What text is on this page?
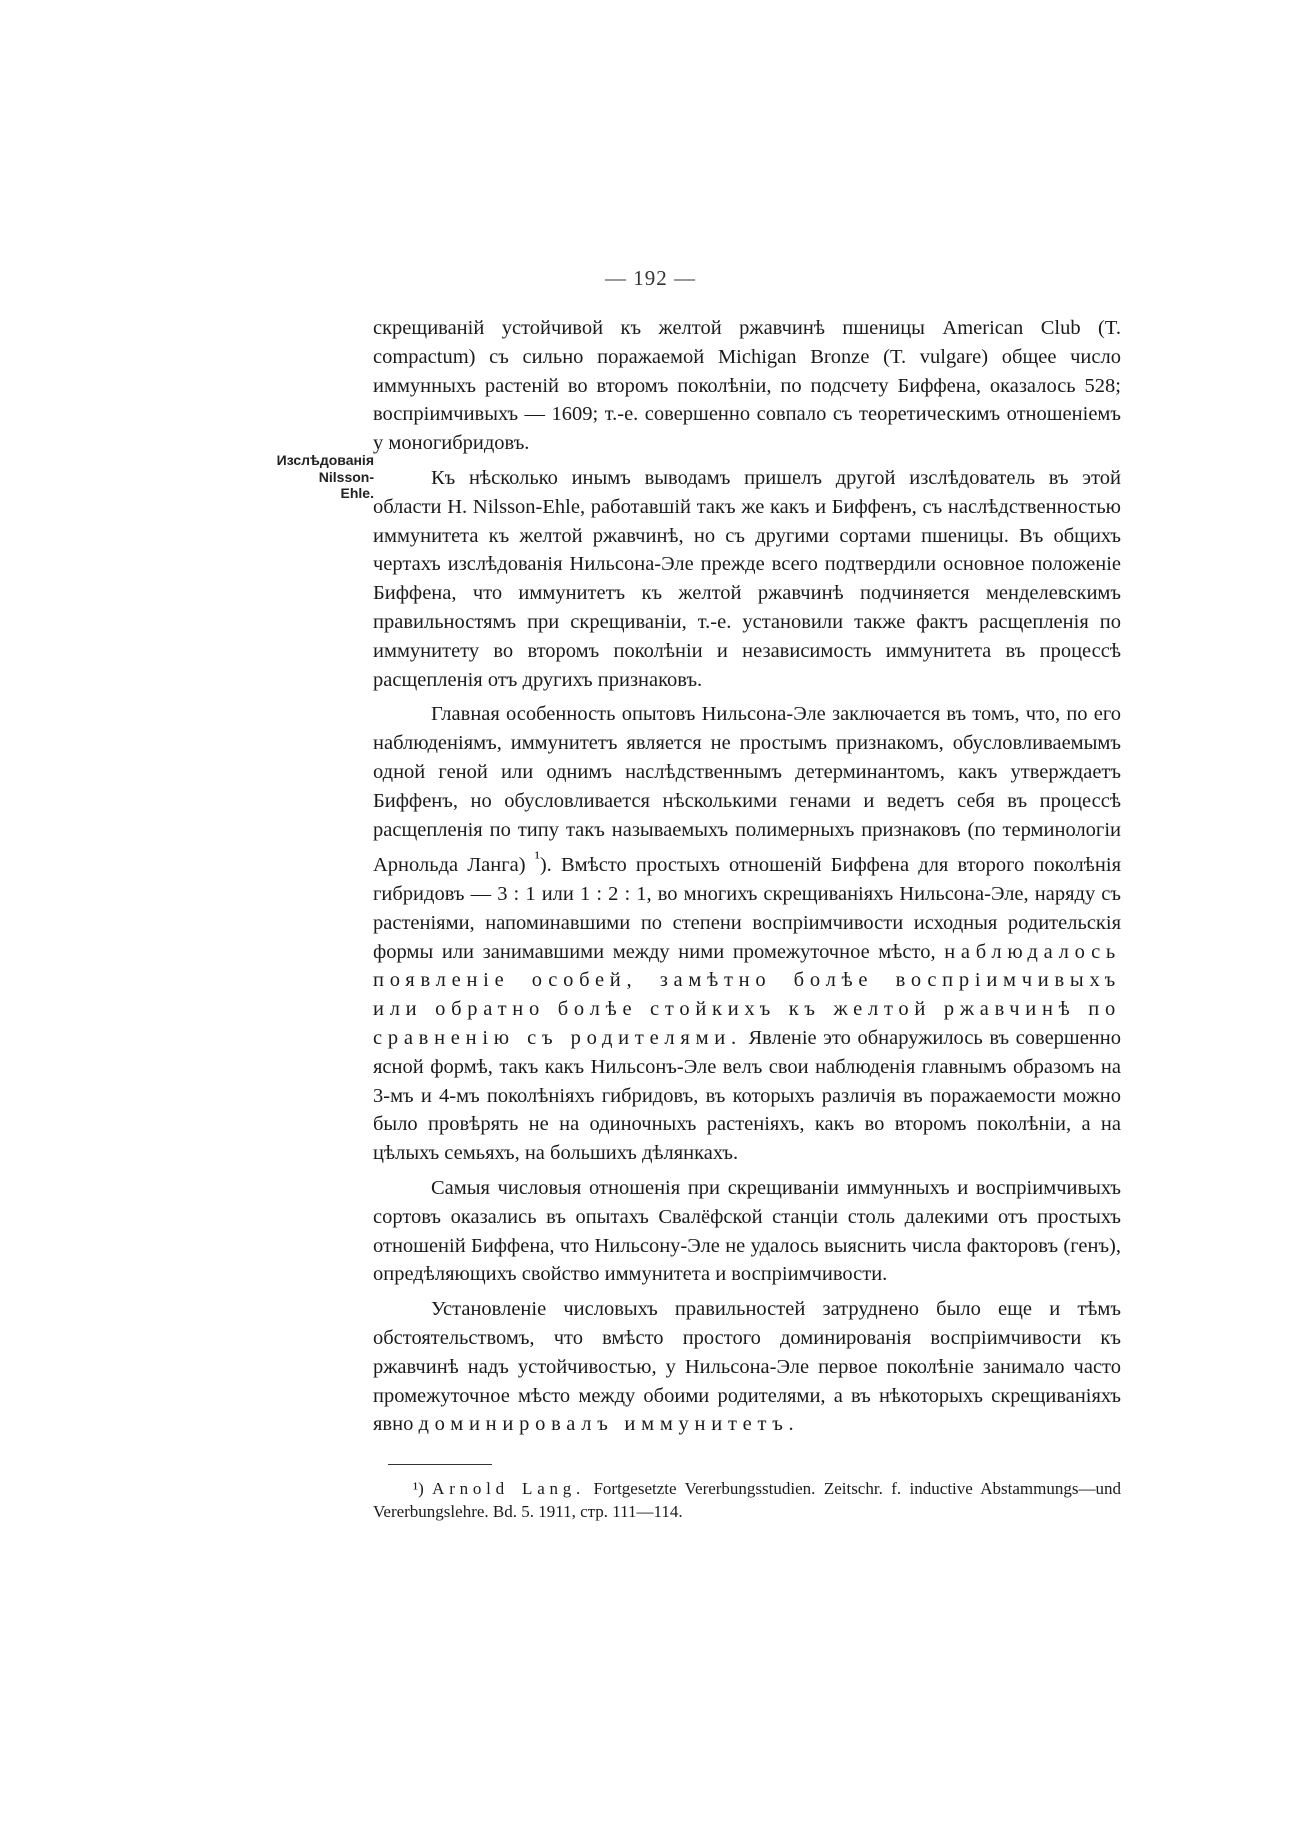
— 192 —
Изслѣдованія
Nilsson-
Ehle.

скрещиваній устойчивой къ желтой ржавчинѣ пшеницы American Club (T. compactum) съ сильно поражаемой Michigan Bronze (T. vulgare) общее число иммунныхъ растеній во второмъ поколѣніи, по подсчету Биффена, оказалось 528; воспріимчивыхъ — 1609; т.-е. совершенно совпало съ теоретическимъ отношеніемъ у моногибридовъ.

Къ нѣсколько инымъ выводамъ пришелъ другой изслѣдователь въ этой области H. Nilsson-Ehle, работавшій такъ же какъ и Биффенъ, съ наслѣдственностью иммунитета къ желтой ржавчинѣ, но съ другими сортами пшеницы. Въ общихъ чертахъ изслѣдованія Нильсона-Эле прежде всего подтвердили основное положеніе Биффена, что иммунитетъ къ желтой ржавчинѣ подчиняется менделевскимъ правильностямъ при скрещиваніи, т.-е. установили также фактъ расщепленія по иммунитету во второмъ поколѣніи и независимость иммунитета въ процессѣ расщепленія отъ другихъ признаковъ.

Главная особенность опытовъ Нильсона-Эле заключается въ томъ, что, по его наблюденіямъ, иммунитетъ является не простымъ признакомъ, обусловливаемымъ одной геной или однимъ наслѣдственнымъ детерминантомъ, какъ утверждаетъ Биффенъ, но обусловливается нѣсколькими генами и ведетъ себя въ процессѣ расщепленія по типу такъ называемыхъ полимерныхъ признаковъ (по терминологіи Арнольда Ланга) $^{^1}$). Вмѣсто простыхъ отношеній Биффена для второго поколѣнія гибридовъ — 3 : 1 или 1 : 2 : 1, во многихъ скрещиваніяхъ Нильсона-Эле, наряду съ растеніями, напоминавшими по степени воспріимчивости исходныя родительскія формы или занимавшими между ними промежуточное мѣсто, наблюдалось появленіе особей, замѣтно болѣе воспріимчивыхъ или обратно болѣе стойкихъ къ желтой ржавчинѣ по сравненію съ родителями. Явленіе это обнаружилось въ совершенно ясной формѣ, такъ какъ Нильсонъ-Эле велъ свои наблюденія главнымъ образомъ на 3-мъ и 4-мъ поколѣніяхъ гибридовъ, въ которыхъ различія въ поражаемости можно было провѣрять не на одиночныхъ растеніяхъ, какъ во второмъ поколѣніи, а на цѣлыхъ семьяхъ, на большихъ дѣлянкахъ.

Самыя числовыя отношенія при скрещиваніи иммунныхъ и воспріимчивыхъ сортовъ оказались въ опытахъ Свалёфской станціи столь далекими отъ простыхъ отношеній Биффена, что Нильсону-Эле не удалось выяснить числа факторовъ (генъ), опредѣляющихъ свойство иммунитета и воспріимчивости.

Установленіе числовыхъ правильностей затруднено было еще и тѣмъ обстоятельствомъ, что вмѣсто простого доминированія воспріимчивости къ ржавчинѣ надъ устойчивостью, у Нильсона-Эле первое поколѣніе занимало часто промежуточное мѣсто между обоими родителями, а въ нѣкоторыхъ скрещиваніяхъ явно доминировалъ иммунитетъ.

¹) Arnold Lang. Fortgesetzte Vererbungsstudien. Zeitschr. f. inductive Abstammungs—und Vererbungslehre. Bd. 5. 1911, стр. 111—114.
